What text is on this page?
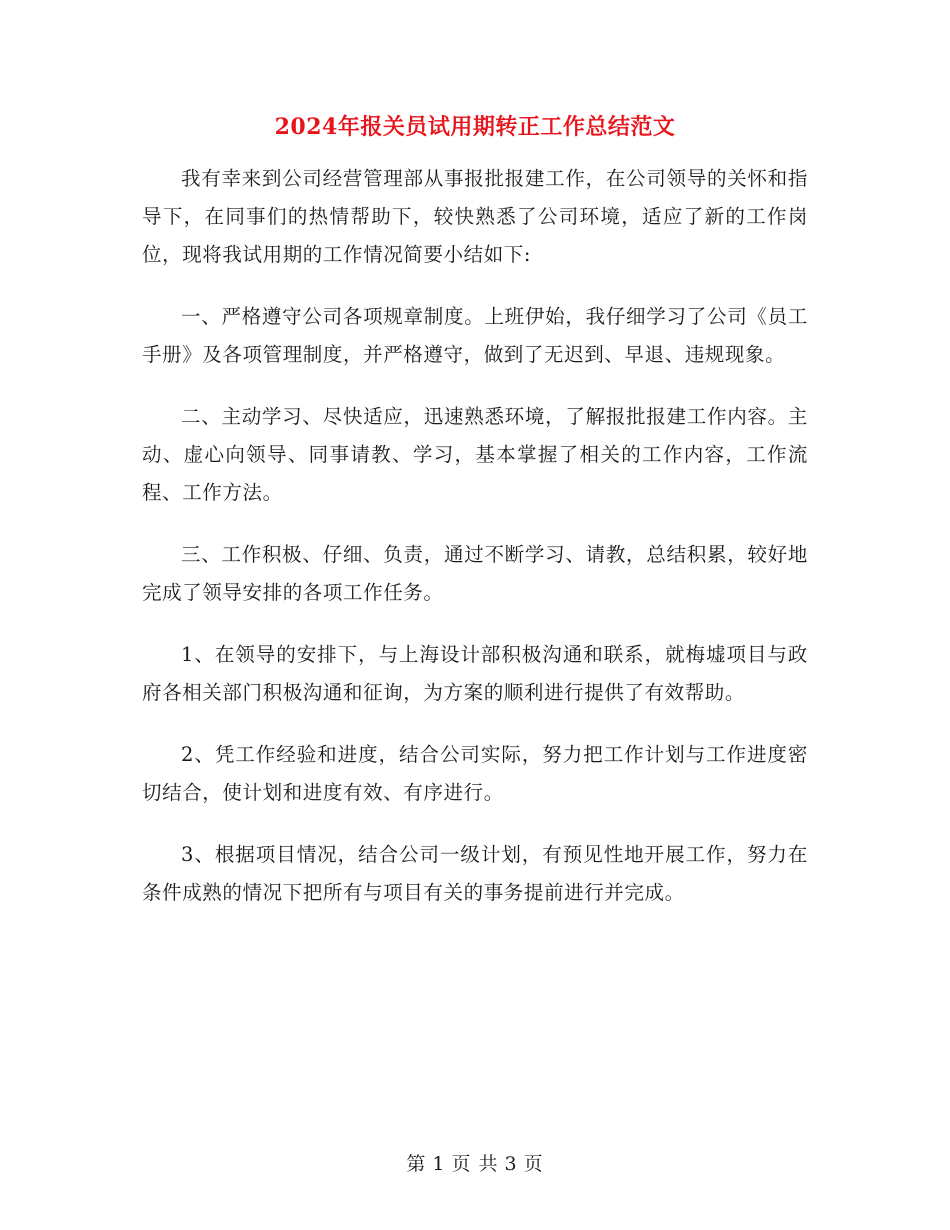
2024年报关员试用期转正工作总结范文

我有幸来到公司经营管理部从事报批报建工作，在公司领导的关怀和指导下，在同事们的热情帮助下，较快熟悉了公司环境，适应了新的工作岗位，现将我试用期的工作情况简要小结如下:

一、严格遵守公司各项规章制度。上班伊始，我仔细学习了公司《员工手册》及各项管理制度，并严格遵守，做到了无迟到、早退、违规现象。

二、主动学习、尽快适应，迅速熟悉环境，了解报批报建工作内容。主动、虚心向领导、同事请教、学习，基本掌握了相关的工作内容，工作流程、工作方法。

三、工作积极、仔细、负责，通过不断学习、请教，总结积累，较好地完成了领导安排的各项工作任务。

1、在领导的安排下，与上海设计部积极沟通和联系，就梅墟项目与政府各相关部门积极沟通和征询，为方案的顺利进行提供了有效帮助。

2、凭工作经验和进度，结合公司实际，努力把工作计划与工作进度密切结合，使计划和进度有效、有序进行。

3、根据项目情况，结合公司一级计划，有预见性地开展工作，努力在条件成熟的情况下把所有与项目有关的事务提前进行并完成。

第 1 页 共 3 页
